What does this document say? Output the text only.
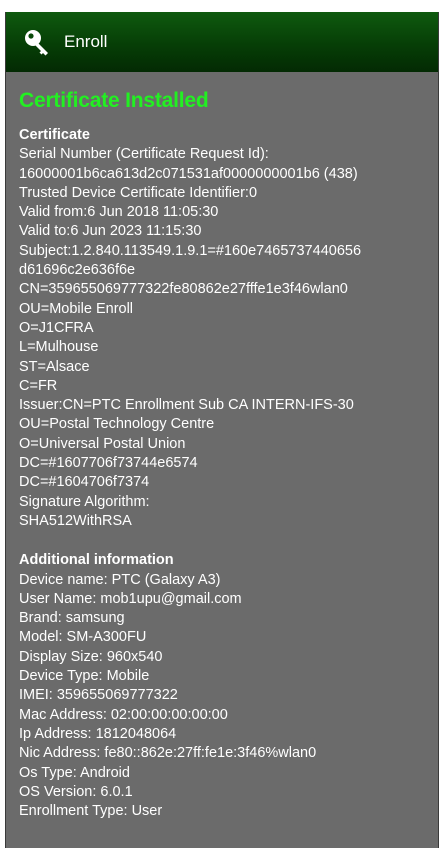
Enroll
Certificate Installed
Certificate
Serial Number (Certificate Request Id):
16000001b6ca613d2c071531af0000000001b6 (438)
Trusted Device Certificate Identifier:0
Valid from:6 Jun 2018 11:05:30
Valid to:6 Jun 2023 11:15:30
Subject:1.2.840.113549.1.9.1=#160e7465737440656
d61696c2e636f6e
CN=359655069777322fe80862e27fffe1e3f46wlan0
OU=Mobile Enroll
O=J1CFRA
L=Mulhouse
ST=Alsace
C=FR
Issuer:CN=PTC Enrollment Sub CA INTERN-IFS-30
OU=Postal Technology Centre
O=Universal Postal Union
DC=#1607706f73744e6574
DC=#1604706f7374
Signature Algorithm:
SHA512WithRSA
Additional information
Device name: PTC (Galaxy A3)
User Name: mob1upu@gmail.com
Brand: samsung
Model: SM-A300FU
Display Size: 960x540
Device Type: Mobile
IMEI: 359655069777322
Mac Address: 02:00:00:00:00:00
Ip Address: 1812048064
Nic Address: fe80::862e:27ff:fe1e:3f46%wlan0
Os Type: Android
OS Version: 6.0.1
Enrollment Type: User
